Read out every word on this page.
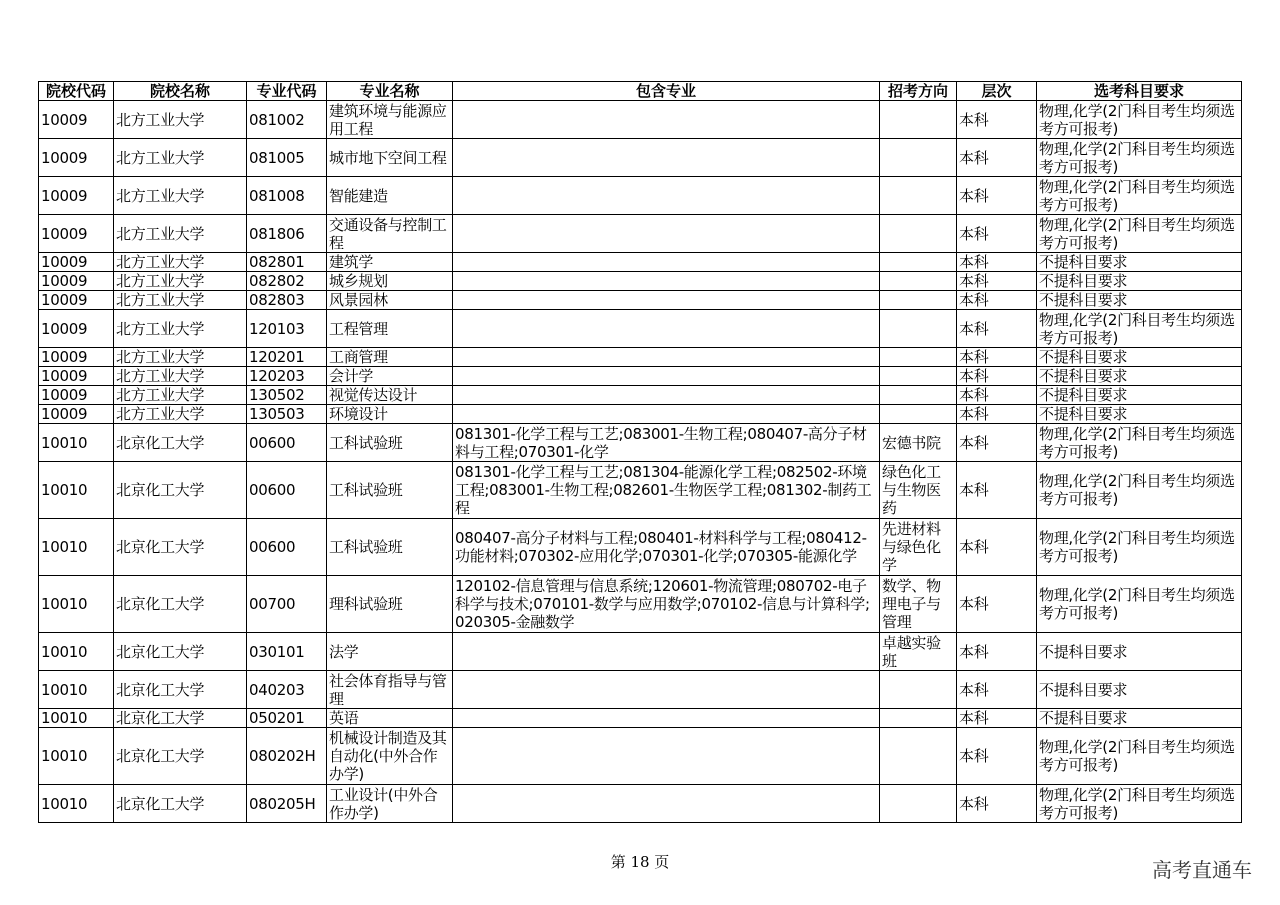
院校代码	院校名称	专业代码	专业名称	包含专业	招考方向	层次	选考科目要求
10009	北方工业大学	081002	建筑环境与能源应用工程			本科	物理,化学(2门科目考生均须选考方可报考)
10009	北方工业大学	081005	城市地下空间工程			本科	物理,化学(2门科目考生均须选考方可报考)
10009	北方工业大学	081008	智能建造			本科	物理,化学(2门科目考生均须选考方可报考)
10009	北方工业大学	081806	交通设备与控制工程			本科	物理,化学(2门科目考生均须选考方可报考)
10009	北方工业大学	082801	建筑学			本科	不提科目要求
10009	北方工业大学	082802	城乡规划			本科	不提科目要求
10009	北方工业大学	082803	风景园林			本科	不提科目要求
10009	北方工业大学	120103	工程管理			本科	物理,化学(2门科目考生均须选考方可报考)
10009	北方工业大学	120201	工商管理			本科	不提科目要求
10009	北方工业大学	120203	会计学			本科	不提科目要求
10009	北方工业大学	130502	视觉传达设计			本科	不提科目要求
10009	北方工业大学	130503	环境设计			本科	不提科目要求
10010	北京化工大学	00600	工科试验班	081301-化学工程与工艺;083001-生物工程;080407-高分子材料与工程;070301-化学	宏德书院	本科	物理,化学(2门科目考生均须选考方可报考)
10010	北京化工大学	00600	工科试验班	081301-化学工程与工艺;081304-能源化学工程;082502-环境工程;083001-生物工程;082601-生物医学工程;081302-制药工程	绿色化工与生物医药	本科	物理,化学(2门科目考生均须选考方可报考)
10010	北京化工大学	00600	工科试验班	080407-高分子材料与工程;080401-材料科学与工程;080412-功能材料;070302-应用化学;070301-化学;070305-能源化学	先进材料与绿色化学	本科	物理,化学(2门科目考生均须选考方可报考)
10010	北京化工大学	00700	理科试验班	120102-信息管理与信息系统;120601-物流管理;080702-电子科学与技术;070101-数学与应用数学;070102-信息与计算科学;020305-金融数学	数学、物理电子与管理	本科	物理,化学(2门科目考生均须选考方可报考)
10010	北京化工大学	030101	法学		卓越实验班	本科	不提科目要求
10010	北京化工大学	040203	社会体育指导与管理			本科	不提科目要求
10010	北京化工大学	050201	英语			本科	不提科目要求
10010	北京化工大学	080202H	机械设计制造及其自动化(中外合作办学)			本科	物理,化学(2门科目考生均须选考方可报考)
10010	北京化工大学	080205H	工业设计(中外合作办学)			本科	物理,化学(2门科目考生均须选考方可报考)
第 18 页	高考直通车
